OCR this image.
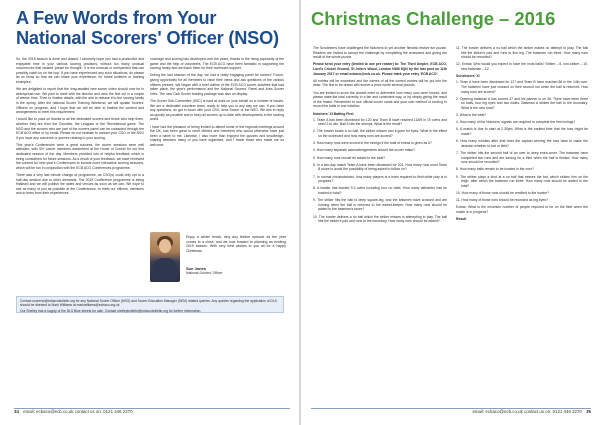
A Few Words from Your National Scorers' Officer (NSO)

So, the 2018 season is done and dusted. I sincerely hope you had a productive and enjoyable time in your various scoring positions, without too many unusual occurrences that caused 'pause for thought'. It is the unusual or unexpected that can possibly catch us on the hop. If you have experienced any such situations, do please let us know so that we can share your experience, for future bulletins or training examples.

We are delighted to report that the long-awaited new scorer video should now be in widespread use. We plan to meet with the director and view the first cut in a couple of weeks' time. Then to finalise details, with the aim to release it to the scoring family in the spring. After the national Scorer Training Weekend, we will update Scorers' Officers on progress, and I hope that we will be able to finalise the content and arrangements to meet this requirement.

I would like to pass on thanks to all the dedicated scorers and those who help them, whether they are from the Counties, the Leagues or the Recreational game. The NSO and the scorers who are part of the scorers panel can be contacted through the ECB ACO office or by email. Please do not hesitate to contact your CSO or the NSO if you have any concerns or queries relating to your scoring.

This year's Conferences were a great success; the scorer sessions were well attended, with 40+ scorer members assembled at the Home of Cricket for our first dedicated session of the day. Members provided lots of helpful feedback which is being considered for future sessions. As a result of your feedback, we have reviewed the content for next year's Conferences to include more interactive scoring sessions, which will be run in conjunction with the ECB ACO Conferences programme.

There was a very last minute change of programme, as CSO(s) could only opt to a half-day session due to other demands. The 2019 Conference programme is being finalised and we will publish the dates and venues as soon as we can. We hope to see as many of you as possible at the Conferences, to meet our officers, members and to learn from their experiences.

coverage and scoring has developed over the years, thanks to the rising popularity of the game and the help of volunteers. The ECB ACO have been fantastic in supporting the scoring family and we thank them for their continued support.

During the last session of the day, we had a really engaging panel for scorers' Forum, giving opportunity for all members to raise their views and ask questions of the various officers present. We began with a brief outline of the ECB ACO scorer activities that had taken place, the year's performance and the National Scorers' Panel and Area Scorer roles. The new Club Scorer training package was also on display.

The Scorer Sub-Committee (SSC) is hard at work on your behalf on a number of issues. We are a dedicated volunteer team, ready to help you in any way we can. If you have any questions, do get in touch with your CSO, Area Scorer or the NSO. We aim to reply as quickly as possible and to keep all scorers up to date with developments in the scoring world.

I have had the pleasure of being invited to attend some of the regional meetings around the UK, has been great to meet officers and members who would otherwise have just been a name to me. Likewise, I also more than enjoyed the quizzes and knowledge-sharing sessions many of you have organised, and I thank those who made me so welcome.

Enjoy a winter break, why any festive episode as the year comes to a close, and we look forward to planning an exciting 2019 season. With very best wishes to you all for a happy Christmas.
Sue Jones
National Scorers' Officer

Contact scorerss@ecbacobulletin.org for any National Scorer Officer (NSO) and Scorer Education Manager (SEM) related queries. Any queries regarding the application of DLS should be directed to Mark Williams at markwilliams@ecbaco.org.uk

Our Shelley has a supply of the DLS Blue sheets for sale. Contact shelleybulletin@ecbacobulletin.org for further information.

34 email: ecbaco@ecb.co.uk contact us on: 0121 446 2270
Christmas Challenge – 2016

The Scrutineers have challenged the Notchers to yet another fiendish festive fun puzzle. Readers are invited to accept the challenge by completing the crossword and giving the result of the whole puzzle.

Please send your entry (limited to one per reader) to: The Third Umpire, ECB ACO, Lord's Cricket Ground, St John's Wood, London NW8 8QN by the last post on 11th January 2017 or email ecbaco@ecb.co.uk. Please mark your entry 'ECB ACO'.

All entries will be examined and the names of all the correct entries will be put into the draw. The first to be drawn will receive a prize worth several pounds.

You are invited to score the closest order to determine how many runs were scored, and please state the total correctly in a fair and consistent way, or by simply giving the result of the match. Remember to use official scorer cards and your own method of scoring to record the balls in one notation.

Notchers' XI Batting First

1. Team A has been dismissed for 120 and Team B have reached 118/9 in 19 overs and need 3 to win. Ball 6 hits the stumps; What is the result?

2. The bowler bowls a no ball, the striker misses and it goes for byes. What is the effect on the scorecard and how many runs are scored?

3. How many runs were scored in the innings if the total of extras is given as 6?

4. How many separate acknowledgements should the scorer make?

5. How many runs should be added to the total?

6. In a two-day match Team A have been dismissed for 201. How many runs must Team B score to avoid the possibility of being asked to follow on?

7. In normal circumstances, how many players is a team required to field while play is in progress?

8. A bowler has bowled 9.3 overs including four no balls. How many deliveries has he bowled in total?

9. The striker hits the ball to deep square-leg, and the batsmen have crossed and are running when the ball is returned to the wicket-keeper. How many runs should be added to the batsman's score?

10. The bowler delivers a no ball which the striker misses in attempting to play. The ball hits the striker's pad and runs to the boundary. How many runs should be added?

11. The bowler delivers a no ball which the striker makes no attempt to play. The ball hits the striker's pad and runs to fine-leg. The batsmen run three. How many runs should be recorded?

12. Extras: Who would you expect to have the most balls? Striker – 8, non-striker – 10, new batsman – 12.

Scrutineers' XI

1. Team A have been dismissed for 127 and Team B have reached 86 in the 14th over. The batsmen have just crossed on their second run when the ball is returned. How many runs are scored?

2. Opening batsman A has scored 47 and his partner is on 36. There have been three no balls, four leg byes and two wides. Batsman A strikes the ball to the boundary. What is the new total?

3. What is the total?

4. How many of the Notchers' signals are required to complete the first innings?

5. A match is due to start at 2.30pm. What is the earliest time that the toss might be made?

6. How many minutes after that does the captain winning the toss have to make the decision whether to bat or field?

7. The striker hits the second ball of an over to deep extra-cover. The batsmen have completed two runs and are turning for a third when the ball is fielded. How many runs should be recorded?

8. How many balls remain to be bowled in the over?

9. The striker plays a shot at a no ball that misses the bat, which strikes him on the thigh, after which the batsmen run three. How many runs should be added to the total?

10. How many of those runs should be credited to the bowler?

11. How many of those runs should be recorded as leg byes?

Extras: What is the minimum number of people required to be on the field when the match is in progress?

Result

email: ecbaco@ecb.co.uk contact us on: 0121 446 2270 35
